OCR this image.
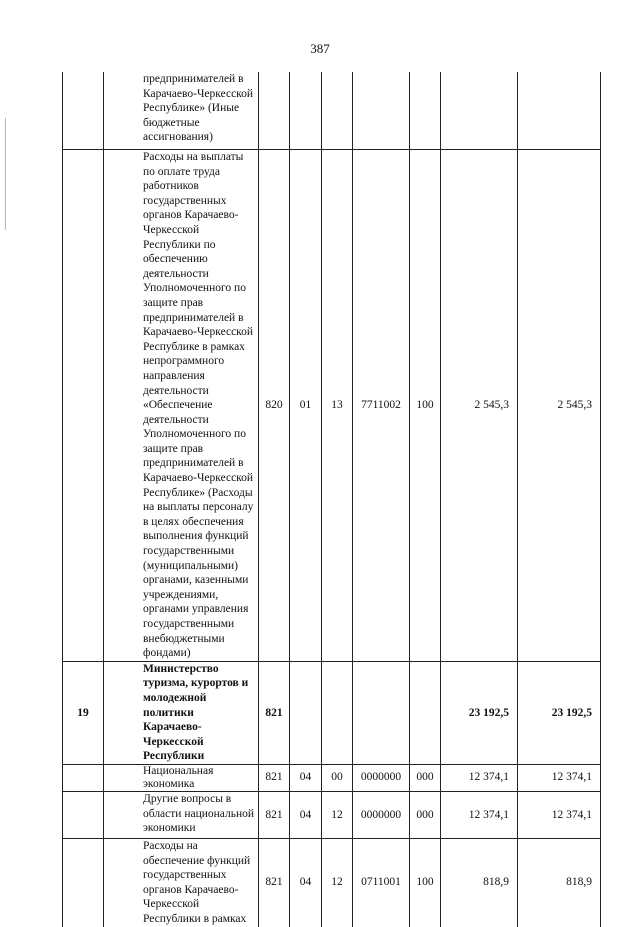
387

	предпринимателей в Карачаево-Черкесской Республике» (Иные бюджетные ассигнования)							

	Расходы на выплаты по оплате труда работников государственных органов Карачаево-Черкесской Республики по обеспечению деятельности Уполномоченного по защите прав предпринимателей в Карачаево-Черкесской Республике в рамках непрограммного направления деятельности «Обеспечение деятельности Уполномоченного по защите прав предпринимателей в Карачаево-Черкесской Республике» (Расходы на выплаты персоналу в целях обеспечения выполнения функций государственными (муниципальными) органами, казенными учреждениями, органами управления государственными внебюджетными фондами)	820	01	13	7711002	100	2 545,3	2 545,3
19	Министерство туризма, курортов и молодежной политики Карачаево-Черкесской Республики	821					23 192,5	23 192,5
	Национальная экономика	821	04	00	0000000	000	12 374,1	12 374,1
	Другие вопросы в области национальной экономики	821	04	12	0000000	000	12 374,1	12 374,1
	Расходы на обеспечение функций государственных органов Карачаево-Черкесской Республики в рамках	821	04	12	0711001	100	818,9	818,9
